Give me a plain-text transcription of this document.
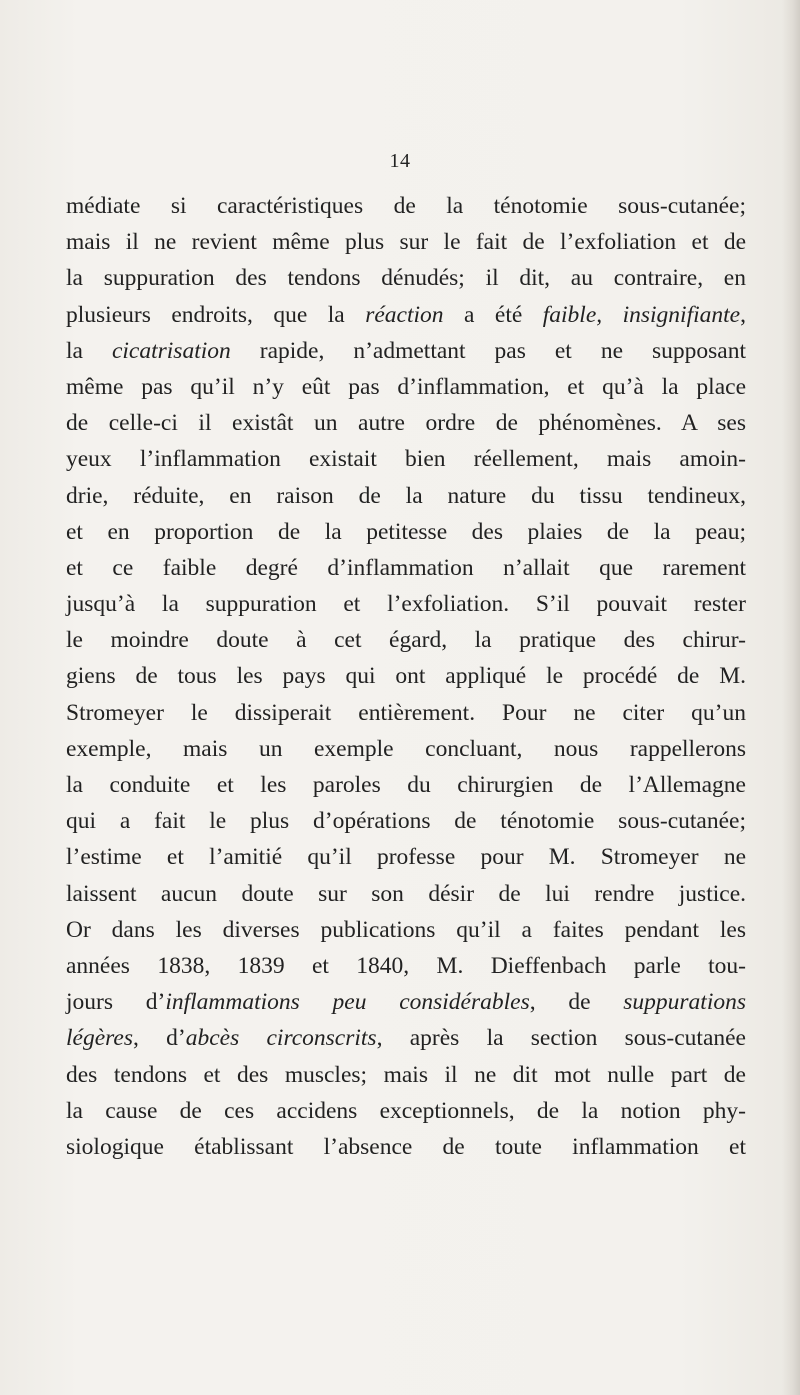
14
médiate si caractéristiques de la ténotomie sous-cutanée;
mais il ne revient même plus sur le fait de l’exfoliation et de
la suppuration des tendons dénudés; il dit, au contraire, en
plusieurs endroits, que la réaction a été faible, insignifiante,
la cicatrisation rapide, n’admettant pas et ne supposant
même pas qu’il n’y eût pas d’inflammation, et qu’à la place
de celle-ci il existât un autre ordre de phénomènes. A ses
yeux l’inflammation existait bien réellement, mais amoin-
drie, réduite, en raison de la nature du tissu tendineux,
et en proportion de la petitesse des plaies de la peau;
et ce faible degré d’inflammation n’allait que rarement
jusqu’à la suppuration et l’exfoliation. S’il pouvait rester
le moindre doute à cet égard, la pratique des chirur-
giens de tous les pays qui ont appliqué le procédé de M.
Stromeyer le dissiperait entièrement. Pour ne citer qu’un
exemple, mais un exemple concluant, nous rappellerons
la conduite et les paroles du chirurgien de l’Allemagne
qui a fait le plus d’opérations de ténotomie sous-cutanée;
l’estime et l’amitié qu’il professe pour M. Stromeyer ne
laissent aucun doute sur son désir de lui rendre justice.
Or dans les diverses publications qu’il a faites pendant les
années 1838, 1839 et 1840, M. Dieffenbach parle tou-
jours d’inflammations peu considérables, de suppurations
légères, d’abcès circonscrits, après la section sous-cutanée
des tendons et des muscles; mais il ne dit mot nulle part de
la cause de ces accidens exceptionnels, de la notion phy-
siologique établissant l’absence de toute inflammation et
